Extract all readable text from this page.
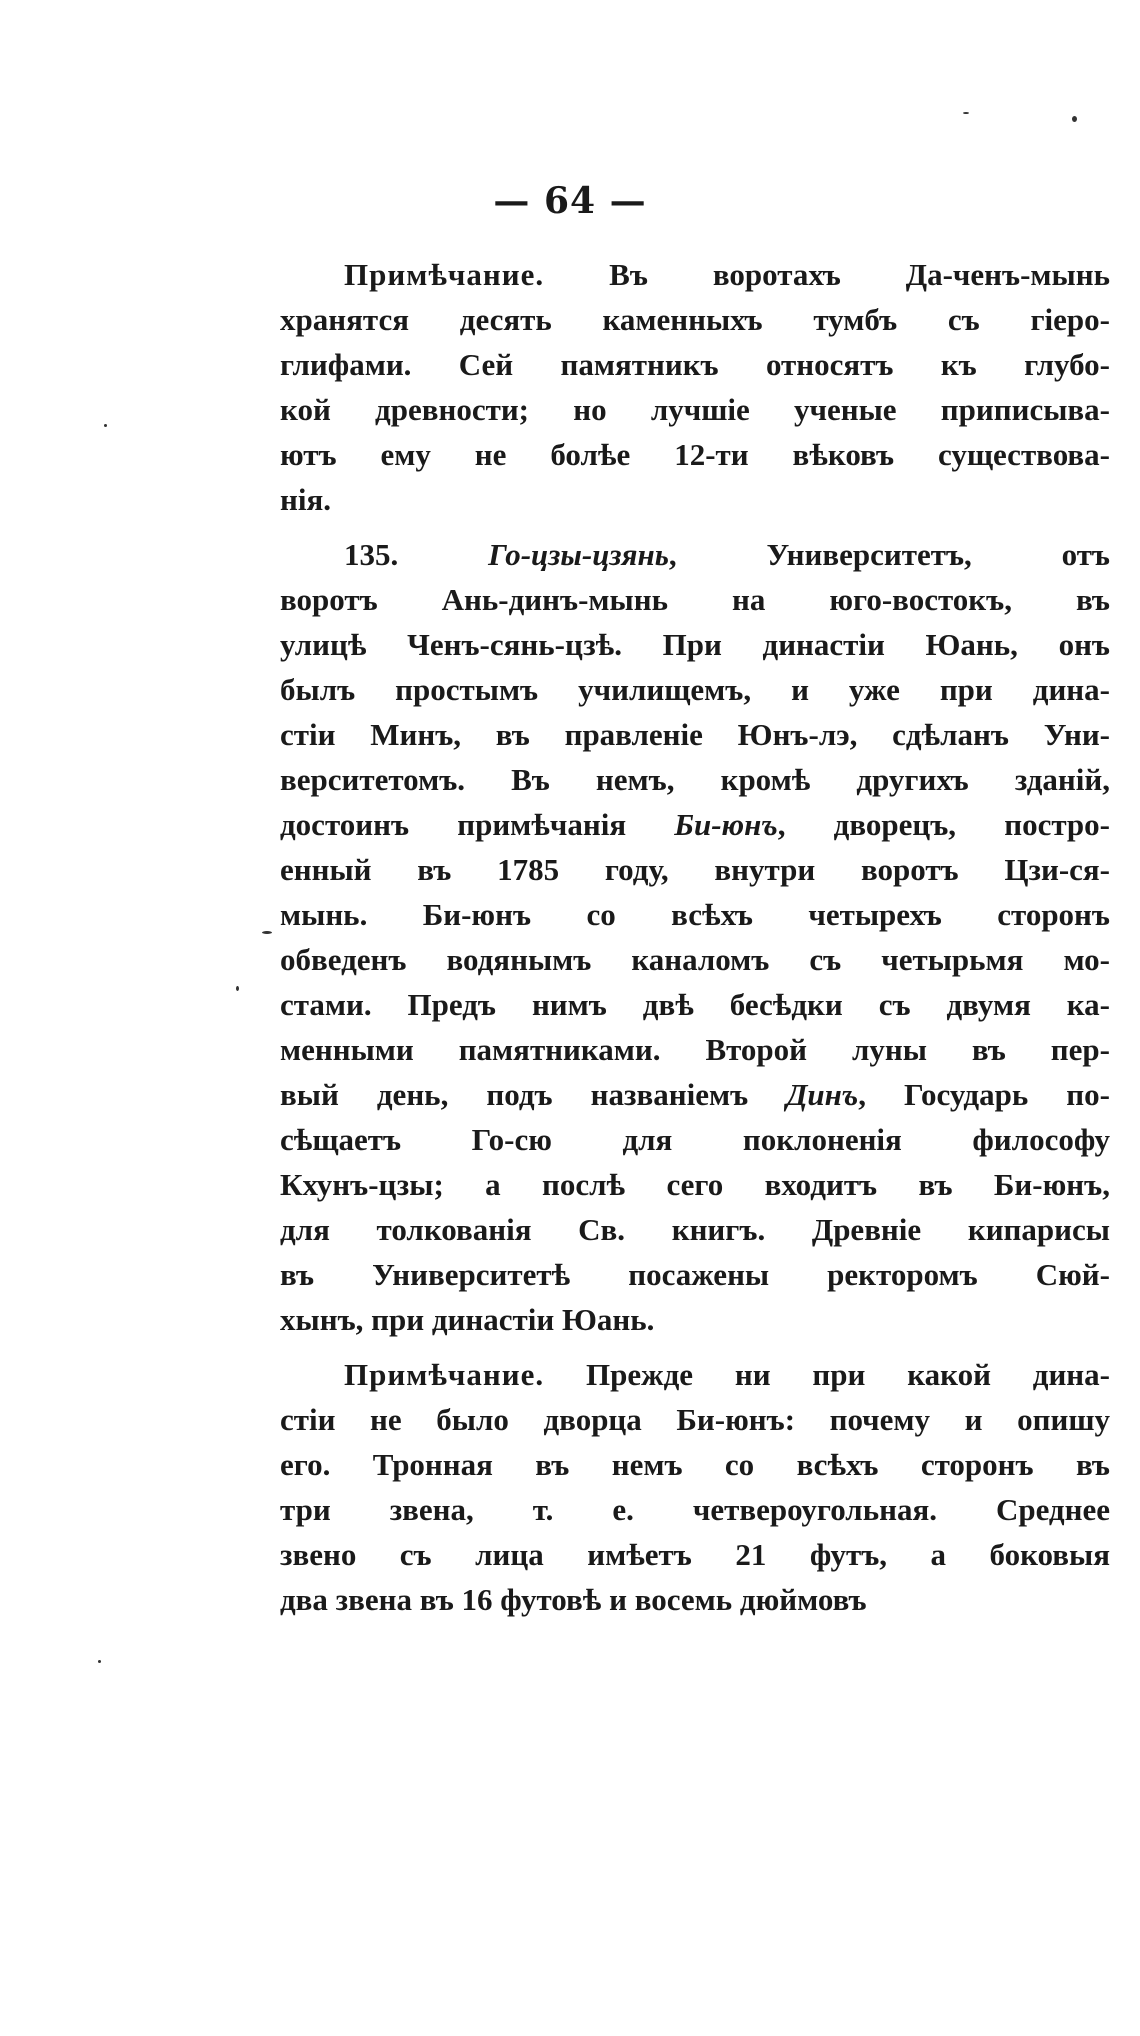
— 64 —
Примѣчание. Въ воротахъ Да-ченъ-мынь
хранятся десять каменныхъ тумбъ съ гiеро-
глифами. Сей памятникъ относятъ къ глубо-
кой древности; но лучшiе ученые приписыва-
ютъ ему не болѣе 12-ти вѣковъ существова-
нiя.
135. Го-цзы-цзянь, Университетъ, отъ
воротъ Ань-динъ-мынь на юго-востокъ, въ
улицѣ Ченъ-сянь-цзѣ. При династiи Юань, онъ
былъ простымъ училищемъ, и уже при дина-
стiи Минъ, въ правленiе Юнъ-лэ, сдѣланъ Уни-
верситетомъ. Въ немъ, кромѣ другихъ зданiй,
достоинъ примѣчанiя Би-юнъ, дворецъ, постро-
енный въ 1785 году, внутри воротъ Цзи-ся-
мынь. Би-юнъ со всѣхъ четырехъ сторонъ
обведенъ водянымъ каналомъ съ четырьмя мо-
стами. Предъ нимъ двѣ бесѣдки съ двумя ка-
менными памятниками. Второй луны въ пер-
вый день, подъ названiемъ Динъ, Государь по-
сѣщаетъ Го-сю для поклоненiя философу
Кхунъ-цзы; а послѣ сего входитъ въ Би-юнъ,
для толкованiя Св. книгъ. Древнiе кипарисы
въ Университетѣ посажены ректоромъ Сюй-
хынъ, при династiи Юань.
Примѣчание. Прежде ни при какой дина-
стiи не было дворца Би-юнъ: почему и опишу
его. Тронная въ немъ со всѣхъ сторонъ въ
три звена, т. е. четвероугольная. Среднее
звено съ лица имѣетъ 21 футъ, а боковыя
два звена въ 16 футовѣ и восемь дюймовъ
